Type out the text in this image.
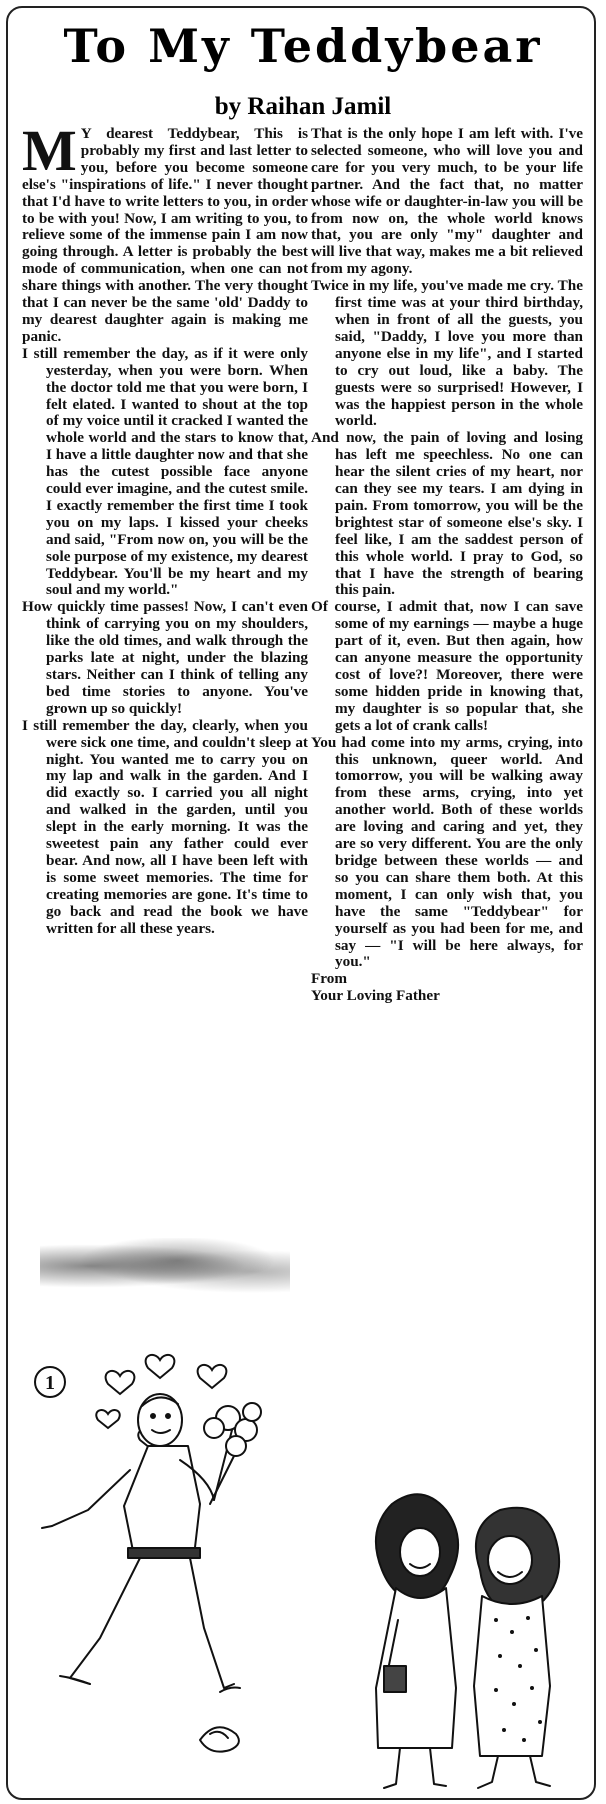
To My Teddybear
by Raihan Jamil

M Y dearest Teddybear, This is probably my first and last letter to you, before you become someone else's "inspirations of life." I never thought that I'd have to write letters to you, in order to be with you! Now, I am writing to you, to relieve some of the immense pain I am now going through. A letter is probably the best mode of communication, when one can not share things with another. The very thought that I can never be the same 'old' Daddy to my dearest daughter again is making me panic.

I still remember the day, as if it were only yesterday, when you were born. When the doctor told me that you were born, I felt elated. I wanted to shout at the top of my voice until it cracked I wanted the whole world and the stars to know that, I have a little daughter now and that she has the cutest possible face anyone could ever imagine, and the cutest smile. I exactly remember the first time I took you on my laps. I kissed your cheeks and said, "From now on, you will be the sole purpose of my existence, my dearest Teddybear. You'll be my heart and my soul and my world."

How quickly time passes! Now, I can't even think of carrying you on my shoulders, like the old times, and walk through the parks late at night, under the blazing stars. Neither can I think of telling any bed time stories to anyone. You've grown up so quickly!

I still remember the day, clearly, when you were sick one time, and couldn't sleep at night. You wanted me to carry you on my lap and walk in the garden. And I did exactly so. I carried you all night and walked in the garden, until you slept in the early morning. It was the sweetest pain any father could ever bear. And now, all I have been left with is some sweet memories. The time for creating memories are gone. It's time to go back and read the book we have written for all these years.

That is the only hope I am left with. I've selected someone, who will love you and care for you very much, to be your life partner. And the fact that, no matter whose wife or daughter-in-law you will be from now on, the whole world knows that, you are only "my" daughter and will live that way, makes me a bit relieved from my agony.

Twice in my life, you've made me cry. The first time was at your third birthday, when in front of all the guests, you said, "Daddy, I love you more than anyone else in my life", and I started to cry out loud, like a baby. The guests were so surprised! However, I was the happiest person in the whole world.

And now, the pain of loving and losing has left me speechless. No one can hear the silent cries of my heart, nor can they see my tears. I am dying in pain. From tomorrow, you will be the brightest star of someone else's sky. I feel like, I am the saddest person of this whole world. I pray to God, so that I have the strength of bearing this pain.

Of course, I admit that, now I can save some of my earnings — maybe a huge part of it, even. But then again, how can anyone measure the opportunity cost of love?! Moreover, there were some hidden pride in knowing that, my daughter is so popular that, she gets a lot of crank calls!

You had come into my arms, crying, into this unknown, queer world. And tomorrow, you will be walking away from these arms, crying, into yet another world. Both of these worlds are loving and caring and yet, they are so very different. You are the only bridge between these worlds — and so you can share them both. At this moment, I can only wish that, you have the same "Teddybear" for yourself as you had been for me, and say — "I will be here always, for you."

From

Your Loving Father

1
